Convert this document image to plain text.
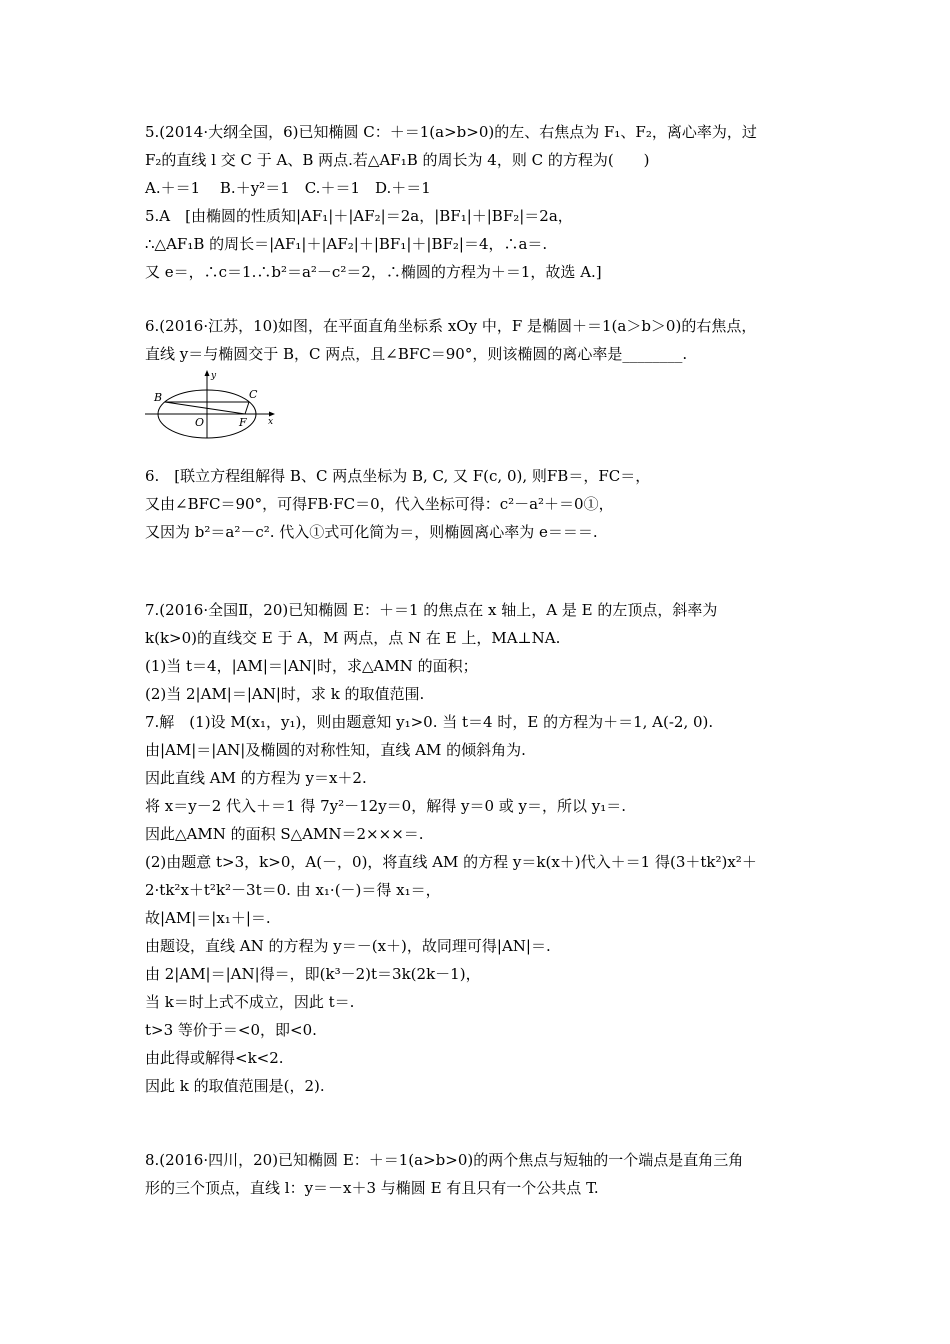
5.(2014·大纲全国，6)已知椭圆 C：＋＝1(a>b>0)的左、右焦点为 F₁、F₂，离心率为，过
F₂的直线 l 交 C 于 A、B 两点.若△AF₁B 的周长为 4，则 C 的方程为(　　)
A.＋＝1　 B.＋y²＝1　C.＋＝1　D.＋＝1
5.A　[由椭圆的性质知|AF₁|＋|AF₂|＝2a，|BF₁|＋|BF₂|＝2a，
∴△AF₁B 的周长＝|AF₁|＋|AF₂|＋|BF₁|＋|BF₂|＝4，∴a＝.
又 e＝，∴c＝1.∴b²＝a²－c²＝2，∴椭圆的方程为＋＝1，故选 A.]
6.(2016·江苏，10)如图，在平面直角坐标系 xOy 中，F 是椭圆＋＝1(a＞b＞0)的右焦点，
直线 y＝与椭圆交于 B，C 两点，且∠BFC＝90°，则该椭圆的离心率是________.
B	C
O	F
y
x
6.　[联立方程组解得 B、C 两点坐标为 B, C, 又 F(c, 0), 则FB＝，FC＝，
又由∠BFC＝90°，可得FB·FC＝0，代入坐标可得：c²－a²＋＝0①，
又因为 b²＝a²－c². 代入①式可化简为＝，则椭圆离心率为 e＝＝＝.
7.(2016·全国Ⅱ，20)已知椭圆 E：＋＝1 的焦点在 x 轴上，A 是 E 的左顶点，斜率为
k(k>0)的直线交 E 于 A，M 两点，点 N 在 E 上，MA⊥NA.
(1)当 t＝4，|AM|＝|AN|时，求△AMN 的面积；
(2)当 2|AM|＝|AN|时，求 k 的取值范围.
7.解　(1)设 M(x₁，y₁)，则由题意知 y₁>0. 当 t＝4 时，E 的方程为＋＝1, A(-2, 0).
由|AM|＝|AN|及椭圆的对称性知，直线 AM 的倾斜角为.
因此直线 AM 的方程为 y＝x＋2.
将 x＝y－2 代入＋＝1 得 7y²－12y＝0，解得 y＝0 或 y＝，所以 y₁＝.
因此△AMN 的面积 S△AMN＝2×××＝.
(2)由题意 t>3，k>0，A(－，0)，将直线 AM 的方程 y＝k(x＋)代入＋＝1 得(3＋tk²)x²＋
2·tk²x＋t²k²－3t＝0. 由 x₁·(－)＝得 x₁＝，
故|AM|＝|x₁＋|＝.
由题设，直线 AN 的方程为 y＝－(x＋)，故同理可得|AN|＝.
由 2|AM|＝|AN|得＝，即(k³－2)t＝3k(2k－1)，
当 k＝时上式不成立，因此 t＝.
t>3 等价于＝<0，即<0.
由此得或解得<k<2.
因此 k 的取值范围是(，2).
8.(2016·四川，20)已知椭圆 E：＋＝1(a>b>0)的两个焦点与短轴的一个端点是直角三角
形的三个顶点，直线 l：y＝－x＋3 与椭圆 E 有且只有一个公共点 T.
